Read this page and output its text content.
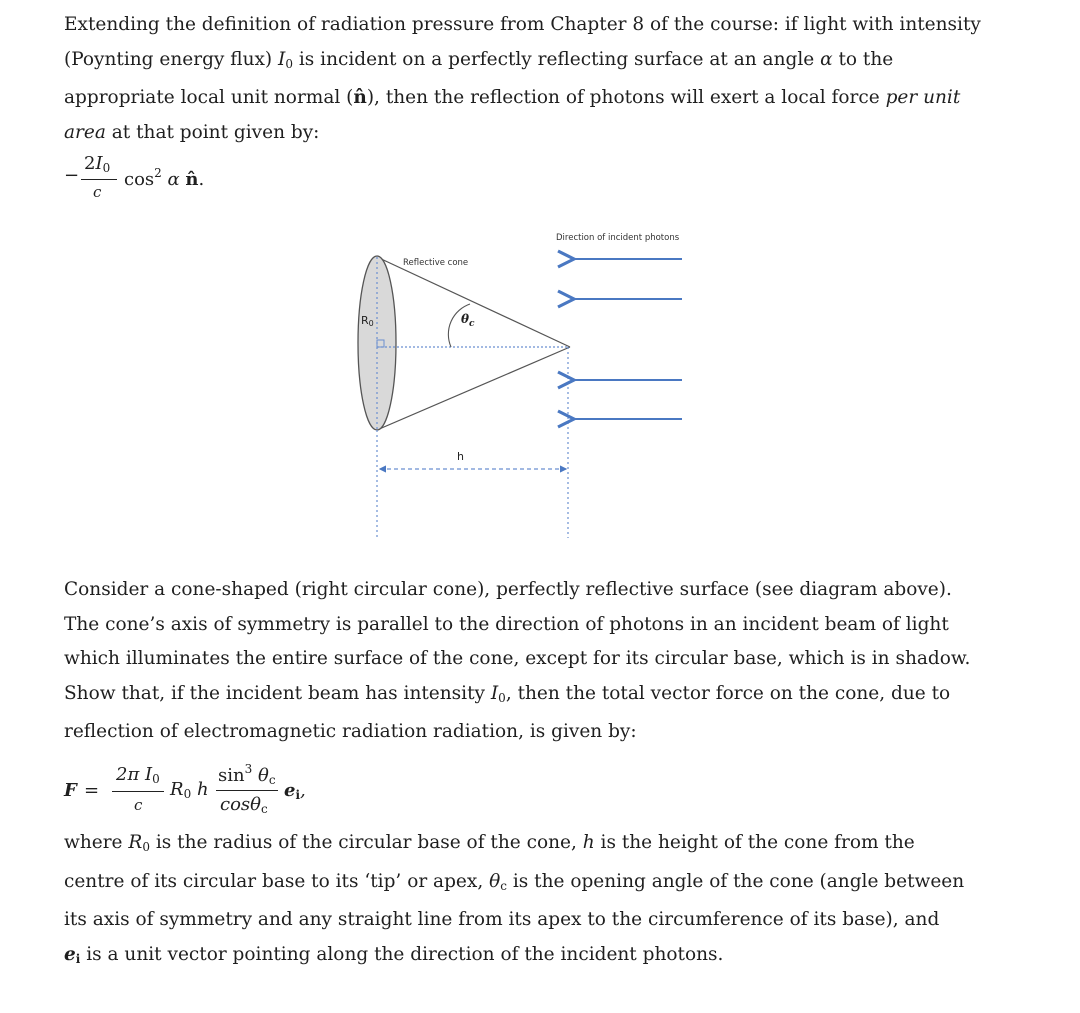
Extending the definition of radiation pressure from Chapter 8 of the course: if light with intensity
(Poynting energy flux) $I_0$ is incident on a perfectly reflecting surface at an angle α to the
appropriate local unit normal (n̂), then the reflection of photons will exert a local force per unit
area at that point given by:
−
$2I_0$
c
$\cos^2 \alpha$ n̂.
Direction of incident photons
Reflective cone
R0	$\theta_c$
h
Consider a cone-shaped (right circular cone), perfectly reflective surface (see diagram above).
The cone’s axis of symmetry is parallel to the direction of photons in an incident beam of light
which illuminates the entire surface of the cone, except for its circular base, which is in shadow.
Show that, if the incident beam has intensity $I_0$, then the total vector force on the cone, due to
reflection of electromagnetic radiation radiation, is given by:
F =
2π $I_0$
c
$R_0$ h
$\sin^3 \theta_c$
cosθ$_c$
$e_i$,
where $R_0$ is the radius of the circular base of the cone, h is the height of the cone from the
centre of its circular base to its ‘tip’ or apex, $\theta_c$ is the opening angle of the cone (angle between
its axis of symmetry and any straight line from its apex to the circumference of its base), and
$e_i$ is a unit vector pointing along the direction of the incident photons.
